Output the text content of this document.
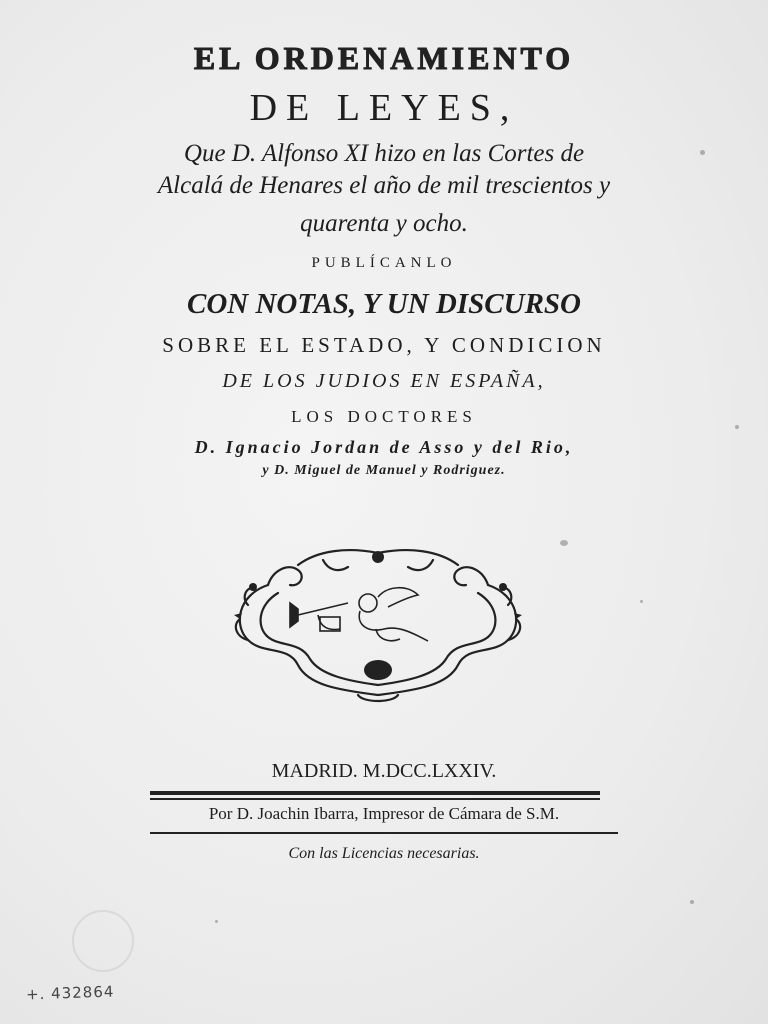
EL ORDENAMIENTO
DE LEYES,
Que D. Alfonso XI hizo en las Cortes de
Alcalá de Henares el año de mil trescientos y
quarenta y ocho.
PUBLÍCANLO
CON NOTAS, Y UN DISCURSO
SOBRE EL ESTADO, Y CONDICION
DE LOS JUDIOS EN ESPAÑA,
LOS DOCTORES
D. Ignacio Jordan de Asso y del Rio,
y D. Miguel de Manuel y Rodriguez.
MADRID. M.DCC.LXXIV.
Por D. Joachin Ibarra, Impresor de Cámara de S.M.
Con las Licencias necesarias.
+. 432864
